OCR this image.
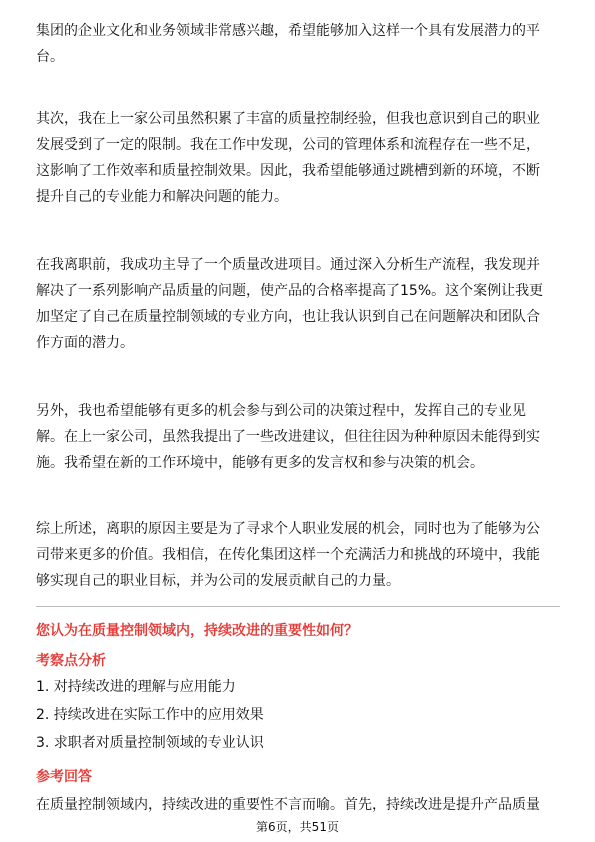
集团的企业文化和业务领域非常感兴趣，希望能够加入这样一个具有发展潜力的平
台。
其次，我在上一家公司虽然积累了丰富的质量控制经验，但我也意识到自己的职业
发展受到了一定的限制。我在工作中发现，公司的管理体系和流程存在一些不足，
这影响了工作效率和质量控制效果。因此，我希望能够通过跳槽到新的环境，不断
提升自己的专业能力和解决问题的能力。
在我离职前，我成功主导了一个质量改进项目。通过深入分析生产流程，我发现并
解决了一系列影响产品质量的问题，使产品的合格率提高了15%。这个案例让我更
加坚定了自己在质量控制领域的专业方向，也让我认识到自己在问题解决和团队合
作方面的潜力。
另外，我也希望能够有更多的机会参与到公司的决策过程中，发挥自己的专业见
解。在上一家公司，虽然我提出了一些改进建议，但往往因为种种原因未能得到实
施。我希望在新的工作环境中，能够有更多的发言权和参与决策的机会。
综上所述，离职的原因主要是为了寻求个人职业发展的机会，同时也为了能够为公
司带来更多的价值。我相信，在传化集团这样一个充满活力和挑战的环境中，我能
够实现自己的职业目标，并为公司的发展贡献自己的力量。
您认为在质量控制领域内，持续改进的重要性如何？
考察点分析
1. 对持续改进的理解与应用能力
2. 持续改进在实际工作中的应用效果
3. 求职者对质量控制领域的专业认识
参考回答
在质量控制领域内，持续改进的重要性不言而喻。首先，持续改进是提升产品质量
第6页，共51页
